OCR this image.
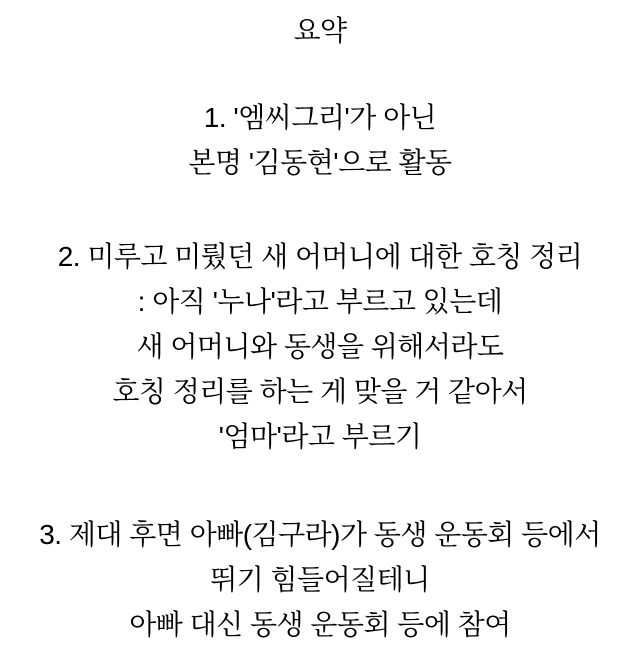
요약
1. '엠씨그리'가 아닌
본명 '김동현'으로 활동
2. 미루고 미뤘던 새 어머니에 대한 호칭 정리
: 아직 '누나'라고 부르고 있는데
새 어머니와 동생을 위해서라도
호칭 정리를 하는 게 맞을 거 같아서
'엄마'라고 부르기
3. 제대 후면 아빠(김구라)가 동생 운동회 등에서
뛰기 힘들어질테니
아빠 대신 동생 운동회 등에 참여
